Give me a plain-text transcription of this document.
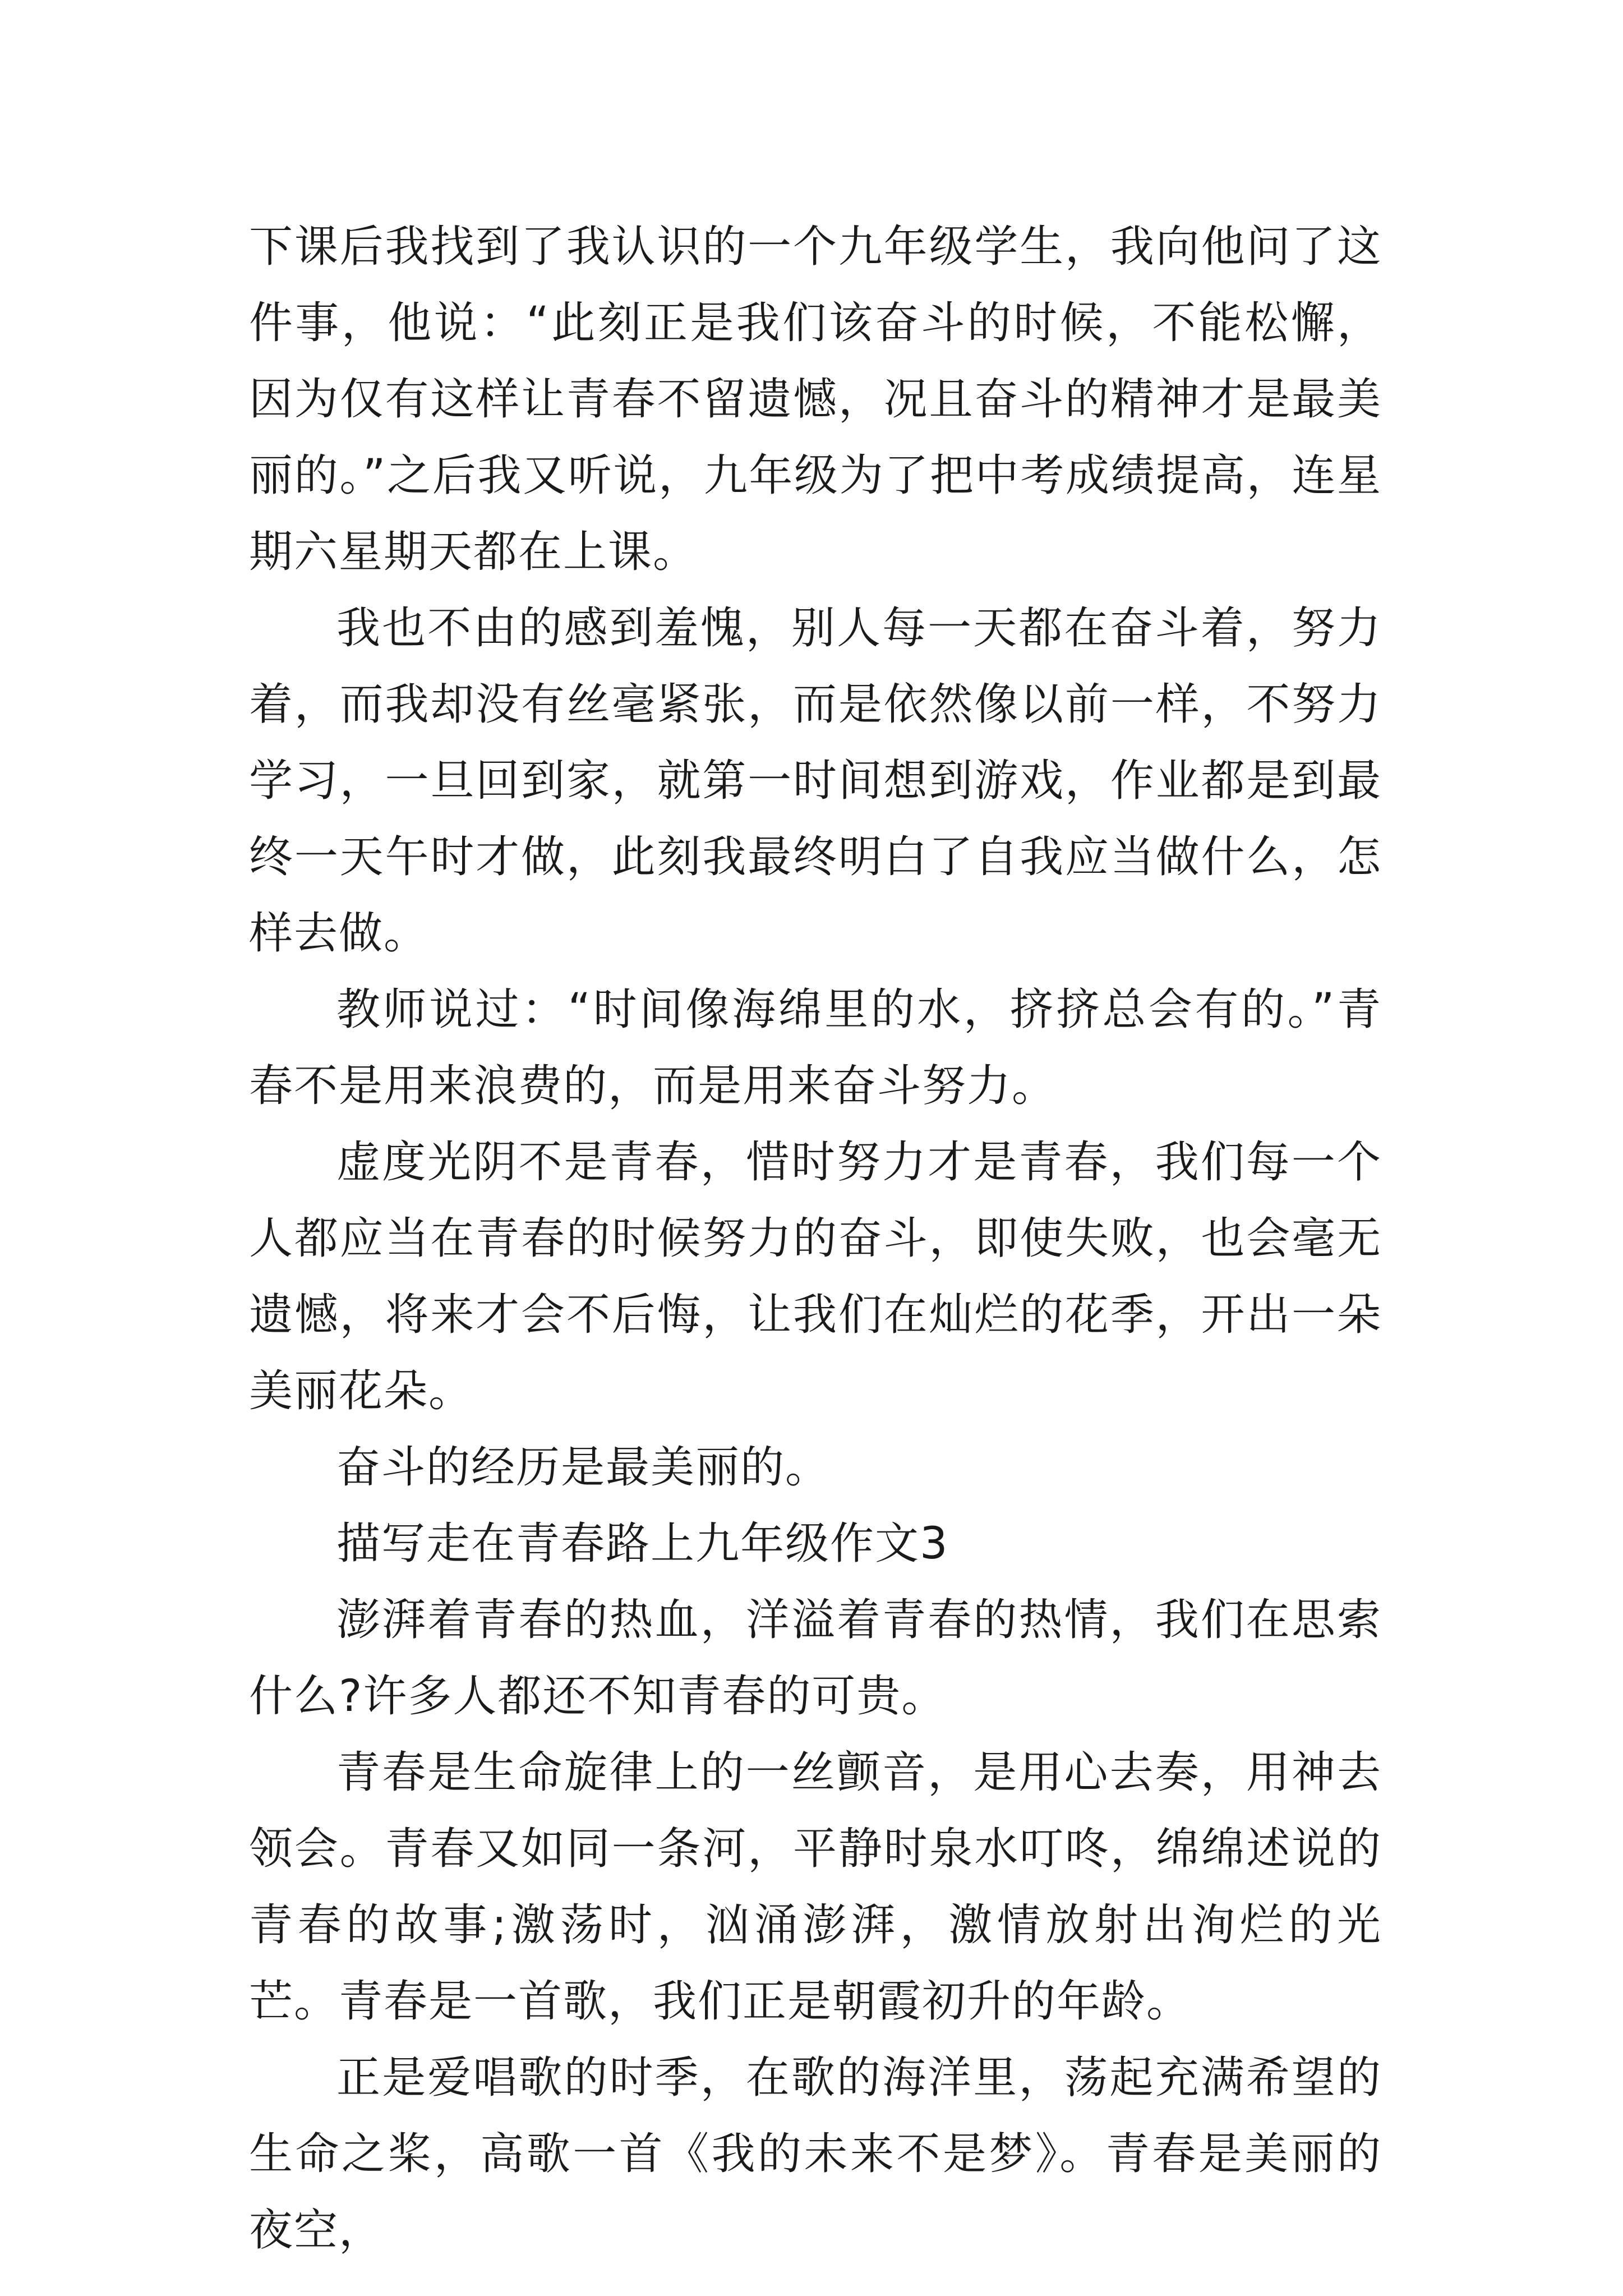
下课后我找到了我认识的一个九年级学生，我向他问了这件事，他说：“此刻正是我们该奋斗的时候，不能松懈，因为仅有这样让青春不留遗憾，况且奋斗的精神才是最美丽的。”之后我又听说，九年级为了把中考成绩提高，连星期六星期天都在上课。

我也不由的感到羞愧，别人每一天都在奋斗着，努力着，而我却没有丝毫紧张，而是依然像以前一样，不努力学习，一旦回到家，就第一时间想到游戏，作业都是到最终一天午时才做，此刻我最终明白了自我应当做什么，怎样去做。

教师说过：“时间像海绵里的水，挤挤总会有的。”青春不是用来浪费的，而是用来奋斗努力。

虚度光阴不是青春，惜时努力才是青春，我们每一个人都应当在青春的时候努力的奋斗，即使失败，也会毫无遗憾，将来才会不后悔，让我们在灿烂的花季，开出一朵美丽花朵。

奋斗的经历是最美丽的。

描写走在青春路上九年级作文3

澎湃着青春的热血，洋溢着青春的热情，我们在思索什么?许多人都还不知青春的可贵。

青春是生命旋律上的一丝颤音，是用心去奏，用神去领会。青春又如同一条河，平静时泉水叮咚，绵绵述说的青春的故事;激荡时，汹涌澎湃，激情放射出洵烂的光芒。青春是一首歌，我们正是朝霞初升的年龄。

正是爱唱歌的时季，在歌的海洋里，荡起充满希望的生命之桨，高歌一首《我的未来不是梦》。青春是美丽的夜空，
